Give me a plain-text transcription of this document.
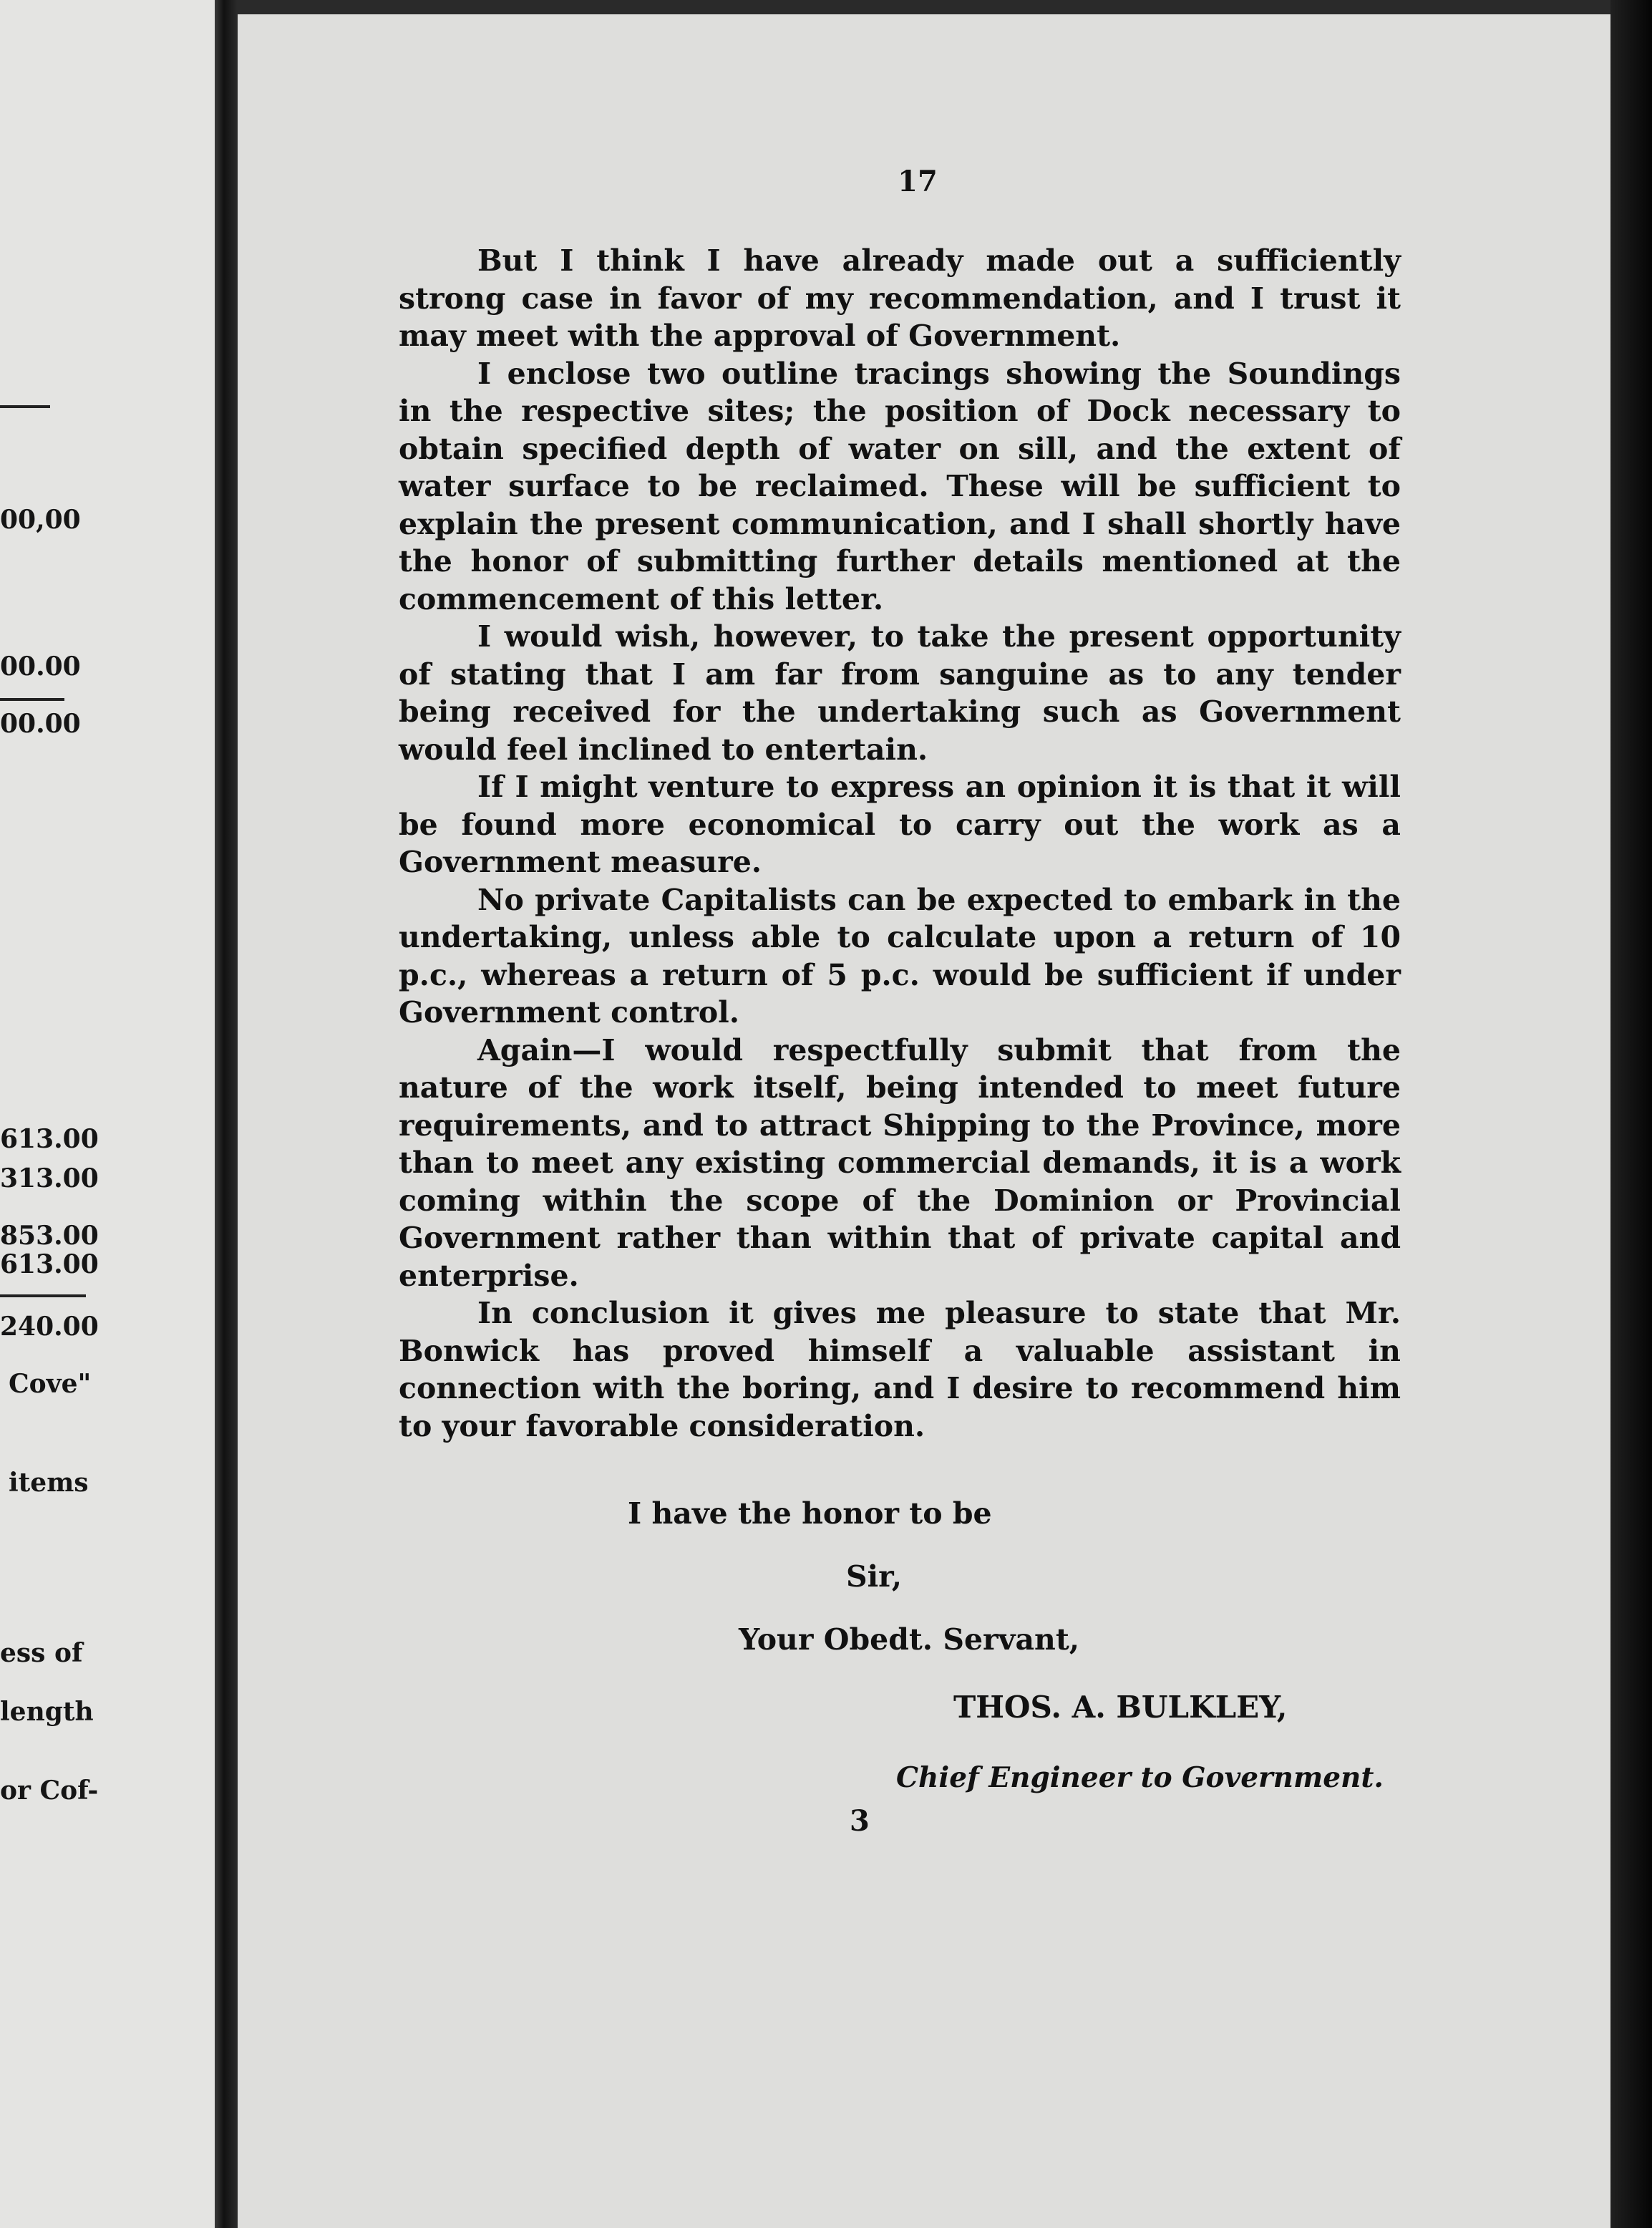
00,00
00.00
00.00
613.00
313.00
853.00
613.00
240.00
Cove"
items
ess of
length
or Cof-
17

But I think I have already made out a sufficiently strong case in favor of my recommendation, and I trust it may meet with the approval of Government.

I enclose two outline tracings showing the Soundings in the respective sites; the position of Dock necessary to obtain specified depth of water on sill, and the extent of water surface to be reclaimed. These will be sufficient to explain the present communication, and I shall shortly have the honor of submitting further details mentioned at the commencement of this letter.

I would wish, however, to take the present opportunity of stating that I am far from sanguine as to any tender being received for the undertaking such as Government would feel inclined to entertain.

If I might venture to express an opinion it is that it will be found more economical to carry out the work as a Government measure.

No private Capitalists can be expected to embark in the undertaking, unless able to calculate upon a return of 10 p.c., whereas a return of 5 p.c. would be sufficient if under Government control.

Again—I would respectfully submit that from the nature of the work itself, being intended to meet future requirements, and to attract Shipping to the Province, more than to meet any existing commercial demands, it is a work coming within the scope of the Dominion or Provincial Government rather than within that of private capital and enterprise.

In conclusion it gives me pleasure to state that Mr. Bonwick has proved himself a valuable assistant in connection with the boring, and I desire to recommend him to your favorable consideration.

I have the honor to be
Sir,
Your Obedt. Servant,
THOS. A. BULKLEY,
Chief Engineer to Government.
3
